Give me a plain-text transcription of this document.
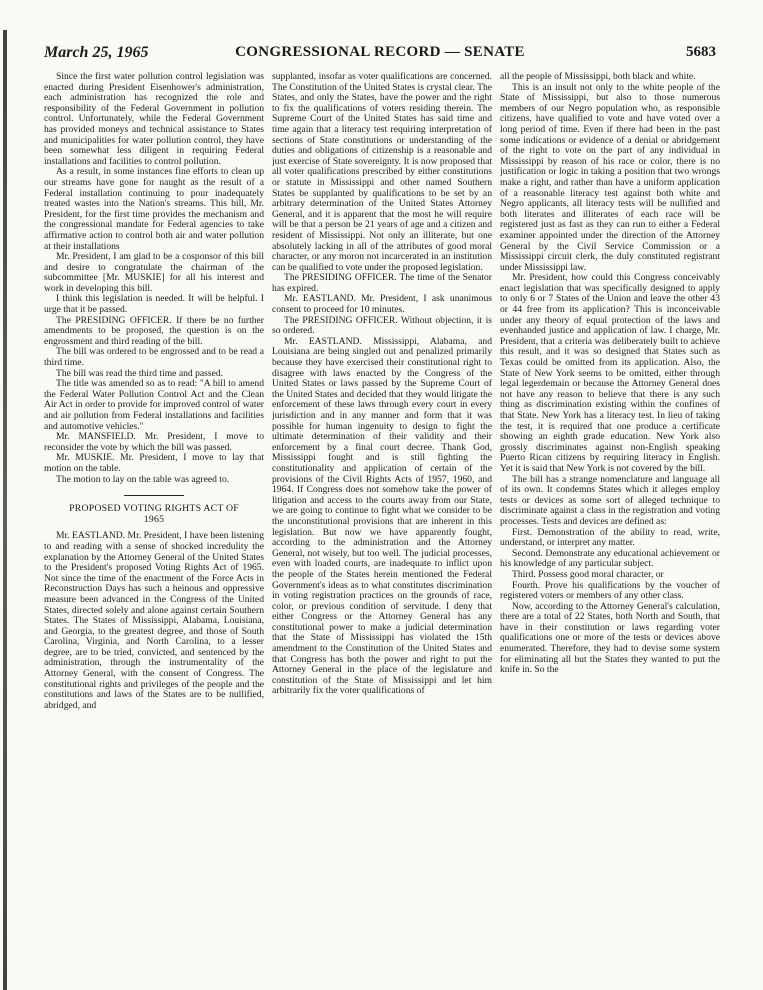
March 25, 1965	CONGRESSIONAL RECORD — SENATE	5683

Since the first water pollution control legislation was enacted during President Eisenhower's administration, each administration has recognized the role and responsibility of the Federal Government in pollution control. Unfortunately, while the Federal Government has provided moneys and technical assistance to States and municipalities for water pollution control, they have been somewhat less diligent in requiring Federal installations and facilities to control pollution.

As a result, in some instances fine efforts to clean up our streams have gone for naught as the result of a Federal installation continuing to pour inadequately treated wastes into the Nation's streams. This bill, Mr. President, for the first time provides the mechanism and the congressional mandate for Federal agencies to take affirmative action to control both air and water pollution at their installations

Mr. President, I am glad to be a cosponsor of this bill and desire to congratulate the chairman of the subcommittee [Mr. MUSKIE] for all his interest and work in developing this bill.

I think this legislation is needed. It will be helpful. I urge that it be passed.

The PRESIDING OFFICER. If there be no further amendments to be proposed, the question is on the engrossment and third reading of the bill.

The bill was ordered to be engrossed and to be read a third time.

The bill was read the third time and passed.

The title was amended so as to read: "A bill to amend the Federal Water Pollution Control Act and the Clean Air Act in order to provide for improved control of water and air pollution from Federal installations and facilities and automotive vehicles."

Mr. MANSFIELD. Mr. President, I move to reconsider the vote by which the bill was passed.

Mr. MUSKIE. Mr. President, I move to lay that motion on the table.

The motion to lay on the table was agreed to.

PROPOSED VOTING RIGHTS ACT OF
1965

Mr. EASTLAND. Mr. President, I have been listening to and reading with a sense of shocked incredulity the explanation by the Attorney General of the United States to the President's proposed Voting Rights Act of 1965. Not since the time of the enactment of the Force Acts in Reconstruction Days has such a heinous and oppressive measure been advanced in the Congress of the United States, directed solely and alone against certain Southern States. The States of Mississippi, Alabama, Louisiana, and Georgia, to the greatest degree, and those of South Carolina, Virginia, and North Carolina, to a lesser degree, are to be tried, convicted, and sentenced by the administration, through the instrumentality of the Attorney General, with the consent of Congress. The constitutional rights and privileges of the people and the constitutions and laws of the States are to be nullified, abridged, and

supplanted, insofar as voter qualifications are concerned. The Constitution of the United States is crystal clear. The States, and only the States, have the power and the right to fix the qualifications of voters residing therein. The Supreme Court of the United States has said time and time again that a literacy test requiring interpretation of sections of State constitutions or understanding of the duties and obligations of citizenship is a reasonable and just exercise of State sovereignty. It is now proposed that all voter qualifications prescribed by either constitutions or statute in Mississippi and other named Southern States be supplanted by qualifications to be set by an arbitrary determination of the United States Attorney General, and it is apparent that the most he will require will be that a person be 21 years of age and a citizen and resident of Mississippi. Not only an illiterate, but one absolutely lacking in all of the attributes of good moral character, or any moron not incarcerated in an institution can be qualified to vote under the proposed legislation.

The PRESIDING OFFICER. The time of the Senator has expired.

Mr. EASTLAND. Mr. President, I ask unanimous consent to proceed for 10 minutes.

The PRESIDING OFFICER. Without objection, it is so ordered.

Mr. EASTLAND. Mississippi, Alabama, and Louisiana are being singled out and penalized primarily because they have exercised their constitutional right to disagree with laws enacted by the Congress of the United States or laws passed by the Supreme Court of the United States and decided that they would litigate the enforcement of these laws through every court in every jurisdiction and in any manner and form that it was possible for human ingenuity to design to fight the ultimate determination of their validity and their enforcement by a final court decree. Thank God, Mississippi fought and is still fighting the constitutionality and application of certain of the provisions of the Civil Rights Acts of 1957, 1960, and 1964. If Congress does not somehow take the power of litigation and access to the courts away from our State, we are going to continue to fight what we consider to be the unconstitutional provisions that are inherent in this legislation. But now we have apparently fought, according to the administration and the Attorney General, not wisely, but too well. The judicial processes, even with loaded courts, are inadequate to inflict upon the people of the States herein mentioned the Federal Government's ideas as to what constitutes discrimination in voting registration practices on the grounds of race, color, or previous condition of servitude. I deny that either Congress or the Attorney General has any constitutional power to make a judicial determination that the State of Mississippi has violated the 15th amendment to the Constitution of the United States and that Congress has both the power and right to put the Attorney General in the place of the legislature and constitution of the State of Mississippi and let him arbitrarily fix the voter qualifications of

all the people of Mississippi, both black and white.

This is an insult not only to the white people of the State of Mississippi, but also to those numerous members of our Negro population who, as responsible citizens, have qualified to vote and have voted over a long period of time. Even if there had been in the past some indications or evidence of a denial or abridgement of the right to vote on the part of any individual in Mississippi by reason of his race or color, there is no justification or logic in taking a position that two wrongs make a right, and rather than have a uniform application of a reasonable literacy test against both white and Negro applicants, all literacy tests will be nullified and both literates and illiterates of each race will be registered just as fast as they can run to either a Federal examiner appointed under the direction of the Attorney General by the Civil Service Commission or a Mississippi circuit clerk, the duly constituted registrant under Mississippi law.

Mr. President, how could this Congress conceivably enact legislation that was specifically designed to apply to only 6 or 7 States of the Union and leave the other 43 or 44 free from its application? This is inconceivable under any theory of equal protection of the laws and evenhanded justice and application of law. I charge, Mr. President, that a criteria was deliberately built to achieve this result, and it was so designed that States such as Texas could be omitted from its application. Also, the State of New York seems to be omitted, either through legal legerdemain or because the Attorney General does not have any reason to believe that there is any such thing as discrimination existing within the confines of that State. New York has a literacy test. In lieu of taking the test, it is required that one produce a certificate showing an eighth grade education. New York also grossly discriminates against non-English speaking Puerto Rican citizens by requiring literacy in English. Yet it is said that New York is not covered by the bill.

The bill has a strange nomenclature and language all of its own. It condemns States which it alleges employ tests or devices as some sort of alleged technique to discriminate against a class in the registration and voting processes. Tests and devices are defined as:

First. Demonstration of the ability to read, write, understand, or interpret any matter.

Second. Demonstrate any educational achievement or his knowledge of any particular subject.

Third. Possess good moral character, or

Fourth. Prove his qualifications by the voucher of registered voters or members of any other class.

Now, according to the Attorney General's calculation, there are a total of 22 States, both North and South, that have in their constitution or laws regarding voter qualifications one or more of the tests or devices above enumerated. Therefore, they had to devise some system for eliminating all but the States they wanted to put the knife in. So the
